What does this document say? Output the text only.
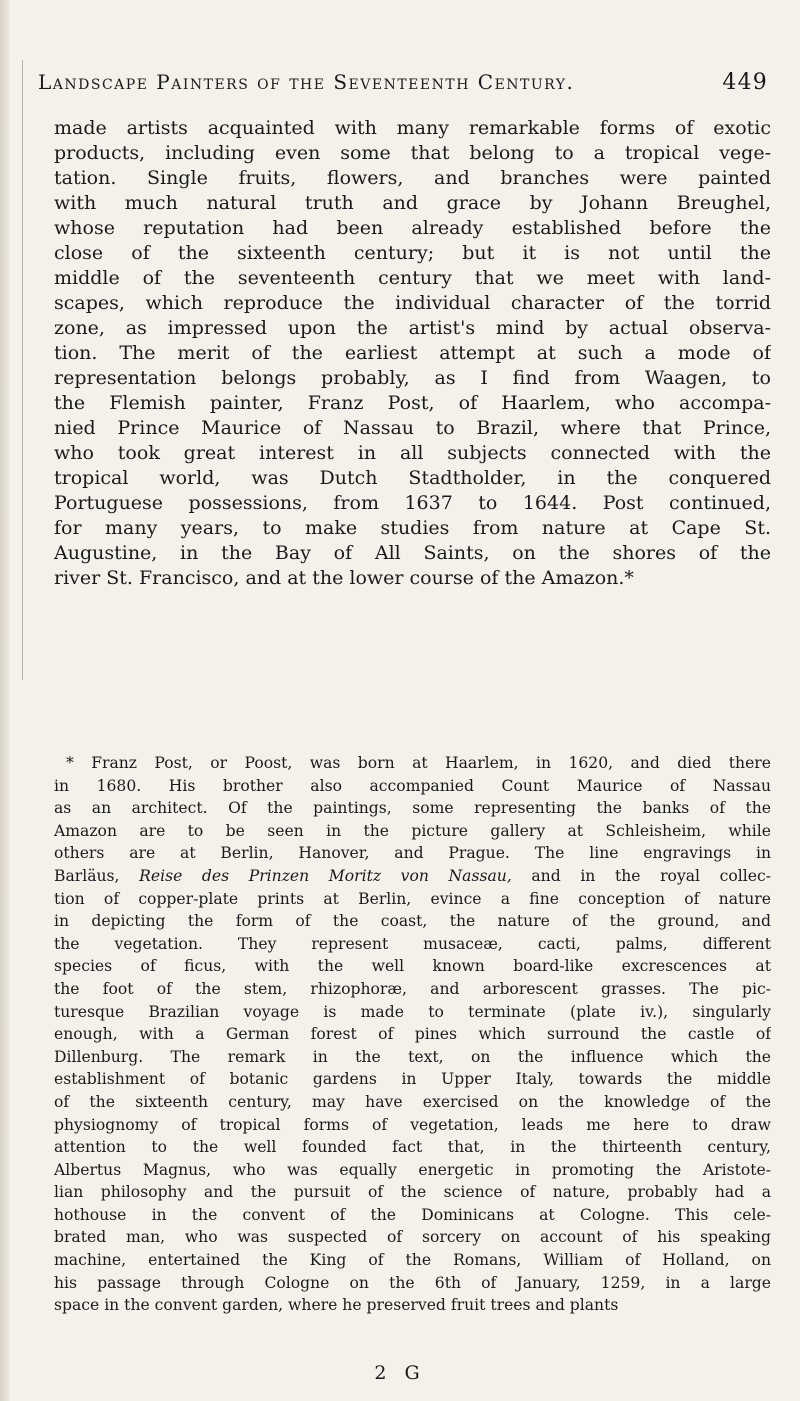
Landscape Painters of the Seventeenth Century.	449
made artists acquainted with many remarkable forms of exotic
products, including even some that belong to a tropical vege-
tation. Single fruits, flowers, and branches were painted
with much natural truth and grace by Johann Breughel,
whose reputation had been already established before the
close of the sixteenth century; but it is not until the
middle of the seventeenth century that we meet with land-
scapes, which reproduce the individual character of the torrid
zone, as impressed upon the artist's mind by actual observa-
tion. The merit of the earliest attempt at such a mode of
representation belongs probably, as I find from Waagen, to
the Flemish painter, Franz Post, of Haarlem, who accompa-
nied Prince Maurice of Nassau to Brazil, where that Prince,
who took great interest in all subjects connected with the
tropical world, was Dutch Stadtholder, in the conquered
Portuguese possessions, from 1637 to 1644. Post continued,
for many years, to make studies from nature at Cape St.
Augustine, in the Bay of All Saints, on the shores of the
river St. Francisco, and at the lower course of the Amazon.*
* Franz Post, or Poost, was born at Haarlem, in 1620, and died there
in 1680. His brother also accompanied Count Maurice of Nassau
as an architect. Of the paintings, some representing the banks of the
Amazon are to be seen in the picture gallery at Schleisheim, while
others are at Berlin, Hanover, and Prague. The line engravings in
Barläus, Reise des Prinzen Moritz von Nassau, and in the royal collec-
tion of copper-plate prints at Berlin, evince a fine conception of nature
in depicting the form of the coast, the nature of the ground, and
the vegetation. They represent musaceæ, cacti, palms, different
species of ficus, with the well known board-like excrescences at
the foot of the stem, rhizophoræ, and arborescent grasses. The pic-
turesque Brazilian voyage is made to terminate (plate iv.), singularly
enough, with a German forest of pines which surround the castle of
Dillenburg. The remark in the text, on the influence which the
establishment of botanic gardens in Upper Italy, towards the middle
of the sixteenth century, may have exercised on the knowledge of the
physiognomy of tropical forms of vegetation, leads me here to draw
attention to the well founded fact that, in the thirteenth century,
Albertus Magnus, who was equally energetic in promoting the Aristote-
lian philosophy and the pursuit of the science of nature, probably had a
hothouse in the convent of the Dominicans at Cologne. This cele-
brated man, who was suspected of sorcery on account of his speaking
machine, entertained the King of the Romans, William of Holland, on
his passage through Cologne on the 6th of January, 1259, in a large
space in the convent garden, where he preserved fruit trees and plants
2 G
